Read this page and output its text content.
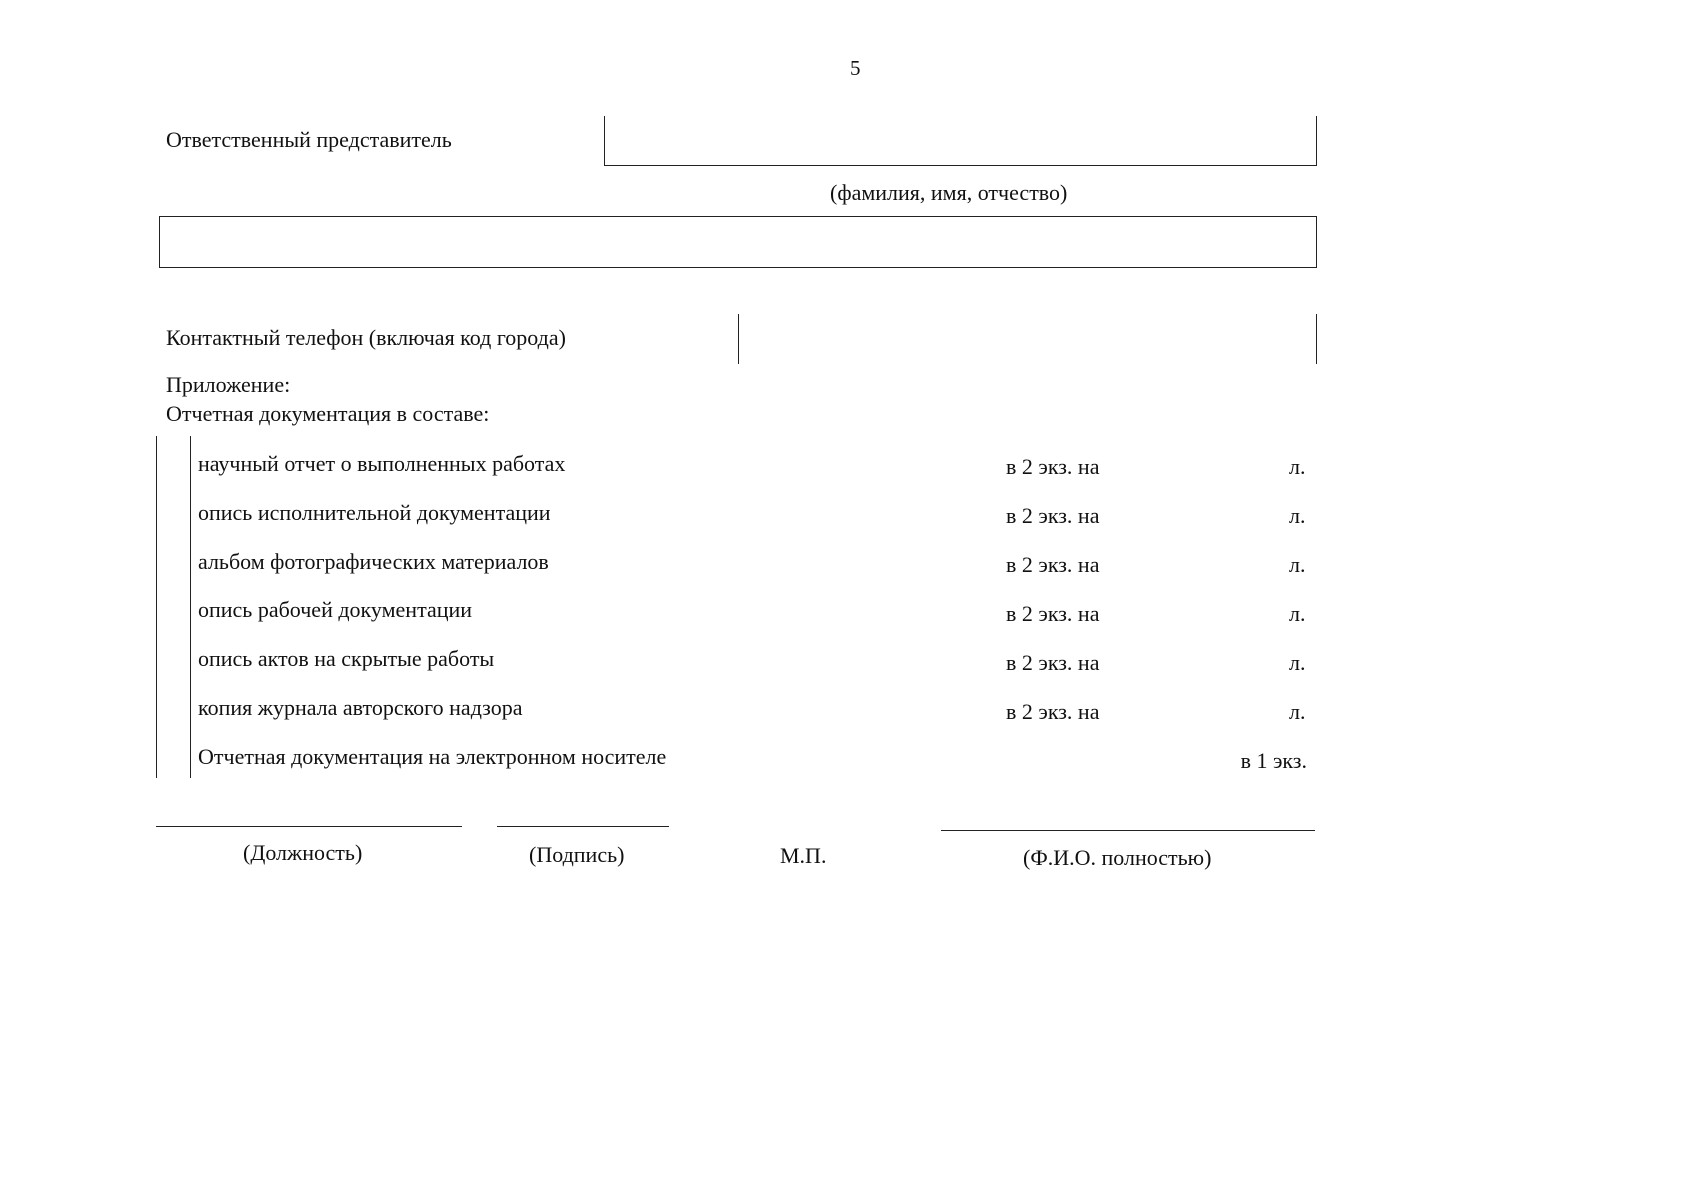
5
Ответственный представитель
(фамилия, имя, отчество)
Контактный телефон (включая код города)
Приложение:
Отчетная документация в составе:
научный отчет о выполненных работах	в 2 экз. на	л.
опись исполнительной документации	в 2 экз. на	л.
альбом фотографических материалов	в 2 экз. на	л.
опись рабочей документации	в 2 экз. на	л.
опись актов на скрытые работы	в 2 экз. на	л.
копия журнала авторского надзора	в 2 экз. на	л.
Отчетная документация на электронном носителе	в 1 экз.
(Должность)	(Подпись)	М.П.	(Ф.И.О. полностью)
